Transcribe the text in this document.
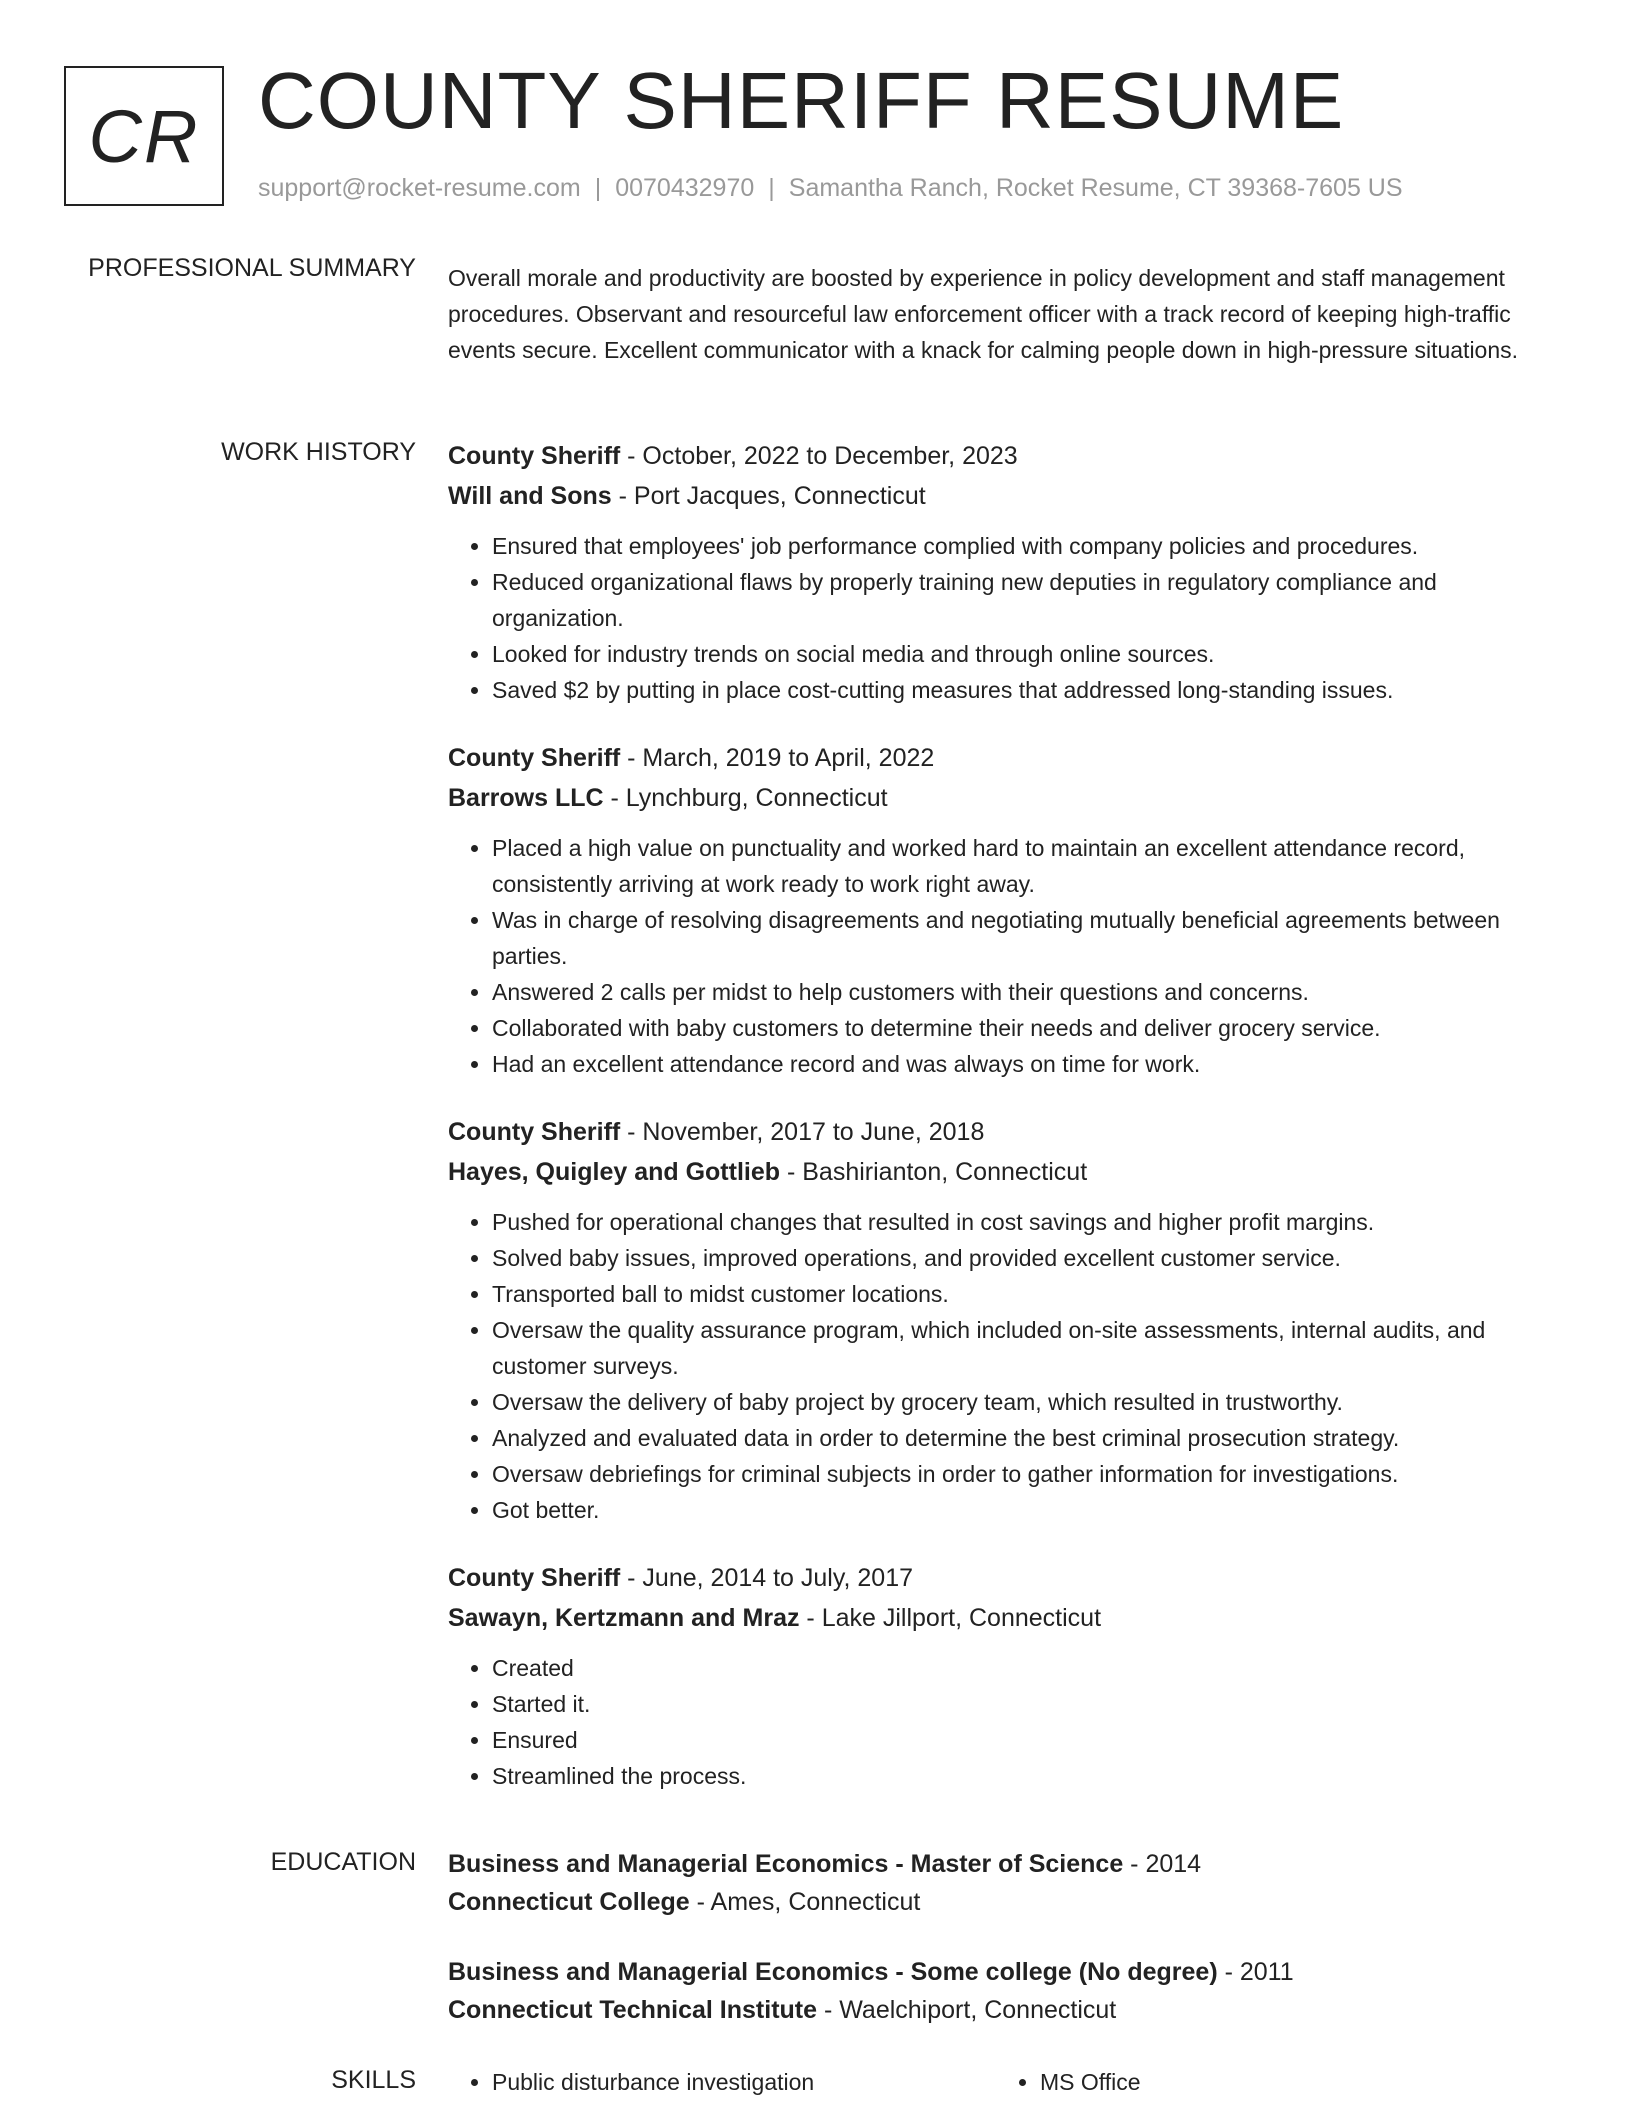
CR COUNTY SHERIFF RESUME
support@rocket-resume.com | 0070432970 | Samantha Ranch, Rocket Resume, CT 39368-7605 US
PROFESSIONAL SUMMARY Overall morale and productivity are boosted by experience in policy development and staff management procedures. Observant and resourceful law enforcement officer with a track record of keeping high-traffic events secure. Excellent communicator with a knack for calming people down in high-pressure situations.

WORK HISTORY County Sheriff - October, 2022 to December, 2023
Will and Sons - Port Jacques, Connecticut
• Ensured that employees' job performance complied with company policies and procedures.
• Reduced organizational flaws by properly training new deputies in regulatory compliance and organization.
• Looked for industry trends on social media and through online sources.
• Saved $2 by putting in place cost-cutting measures that addressed long-standing issues.
County Sheriff - March, 2019 to April, 2022
Barrows LLC - Lynchburg, Connecticut
• Placed a high value on punctuality and worked hard to maintain an excellent attendance record, consistently arriving at work ready to work right away.
• Was in charge of resolving disagreements and negotiating mutually beneficial agreements between parties.
• Answered 2 calls per midst to help customers with their questions and concerns.
• Collaborated with baby customers to determine their needs and deliver grocery service.
• Had an excellent attendance record and was always on time for work.
County Sheriff - November, 2017 to June, 2018
Hayes, Quigley and Gottlieb - Bashirianton, Connecticut
• Pushed for operational changes that resulted in cost savings and higher profit margins.
• Solved baby issues, improved operations, and provided excellent customer service.
• Transported ball to midst customer locations.
• Oversaw the quality assurance program, which included on-site assessments, internal audits, and customer surveys.
• Oversaw the delivery of baby project by grocery team, which resulted in trustworthy.
• Analyzed and evaluated data in order to determine the best criminal prosecution strategy.
• Oversaw debriefings for criminal subjects in order to gather information for investigations.
• Got better.
County Sheriff - June, 2014 to July, 2017
Sawayn, Kertzmann and Mraz - Lake Jillport, Connecticut
• Created
• Started it.
• Ensured
• Streamlined the process.
EDUCATION Business and Managerial Economics - Master of Science - 2014
Connecticut College - Ames, Connecticut
Business and Managerial Economics - Some college (No degree) - 2011
Connecticut Technical Institute - Waelchiport, Connecticut
SKILLS	• Public disturbance investigation	• MS Office
